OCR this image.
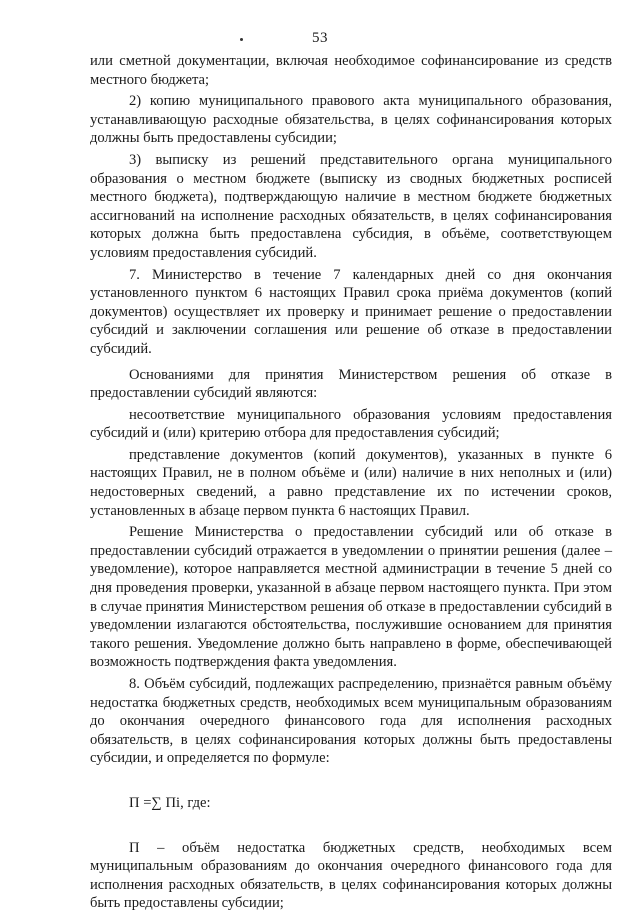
53

или сметной документации, включая необходимое софинансирование из средств местного бюджета;

2) копию муниципального правового акта муниципального образования, устанавливающую расходные обязательства, в целях софинансирования которых должны быть предоставлены субсидии;

3) выписку из решений представительного органа муниципального образования о местном бюджете (выписку из сводных бюджетных росписей местного бюджета), подтверждающую наличие в местном бюджете бюджетных ассигнований на исполнение расходных обязательств, в целях софинансирования которых должна быть предоставлена субсидия, в объёме, соответствующем условиям предоставления субсидий.

7. Министерство в течение 7 календарных дней со дня окончания установленного пунктом 6 настоящих Правил срока приёма документов (копий документов) осуществляет их проверку и принимает решение о предоставлении субсидий и заключении соглашения или решение об отказе в предоставлении субсидий.

Основаниями для принятия Министерством решения об отказе в предоставлении субсидий являются:

несоответствие муниципального образования условиям предоставления субсидий и (или) критерию отбора для предоставления субсидий;

представление документов (копий документов), указанных в пункте 6 настоящих Правил, не в полном объёме и (или) наличие в них неполных и (или) недостоверных сведений, а равно представление их по истечении сроков, установленных в абзаце первом пункта 6 настоящих Правил.

Решение Министерства о предоставлении субсидий или об отказе в предоставлении субсидий отражается в уведомлении о принятии решения (далее – уведомление), которое направляется местной администрации в течение 5 дней со дня проведения проверки, указанной в абзаце первом настоящего пункта. При этом в случае принятия Министерством решения об отказе в предоставлении субсидий в уведомлении излагаются обстоятельства, послужившие основанием для принятия такого решения. Уведомление должно быть направлено в форме, обеспечивающей возможность подтверждения факта уведомления.

8. Объём субсидий, подлежащих распределению, признаётся равным объёму недостатка бюджетных средств, необходимых всем муниципальным образованиям до окончания очередного финансового года для исполнения расходных обязательств, в целях софинансирования которых должны быть предоставлены субсидии, и определяется по формуле:

П =∑ Пi, где:

П – объём недостатка бюджетных средств, необходимых всем муниципальным образованиям до окончания очередного финансового года для исполнения расходных обязательств, в целях софинансирования которых должны быть предоставлены субсидии;
